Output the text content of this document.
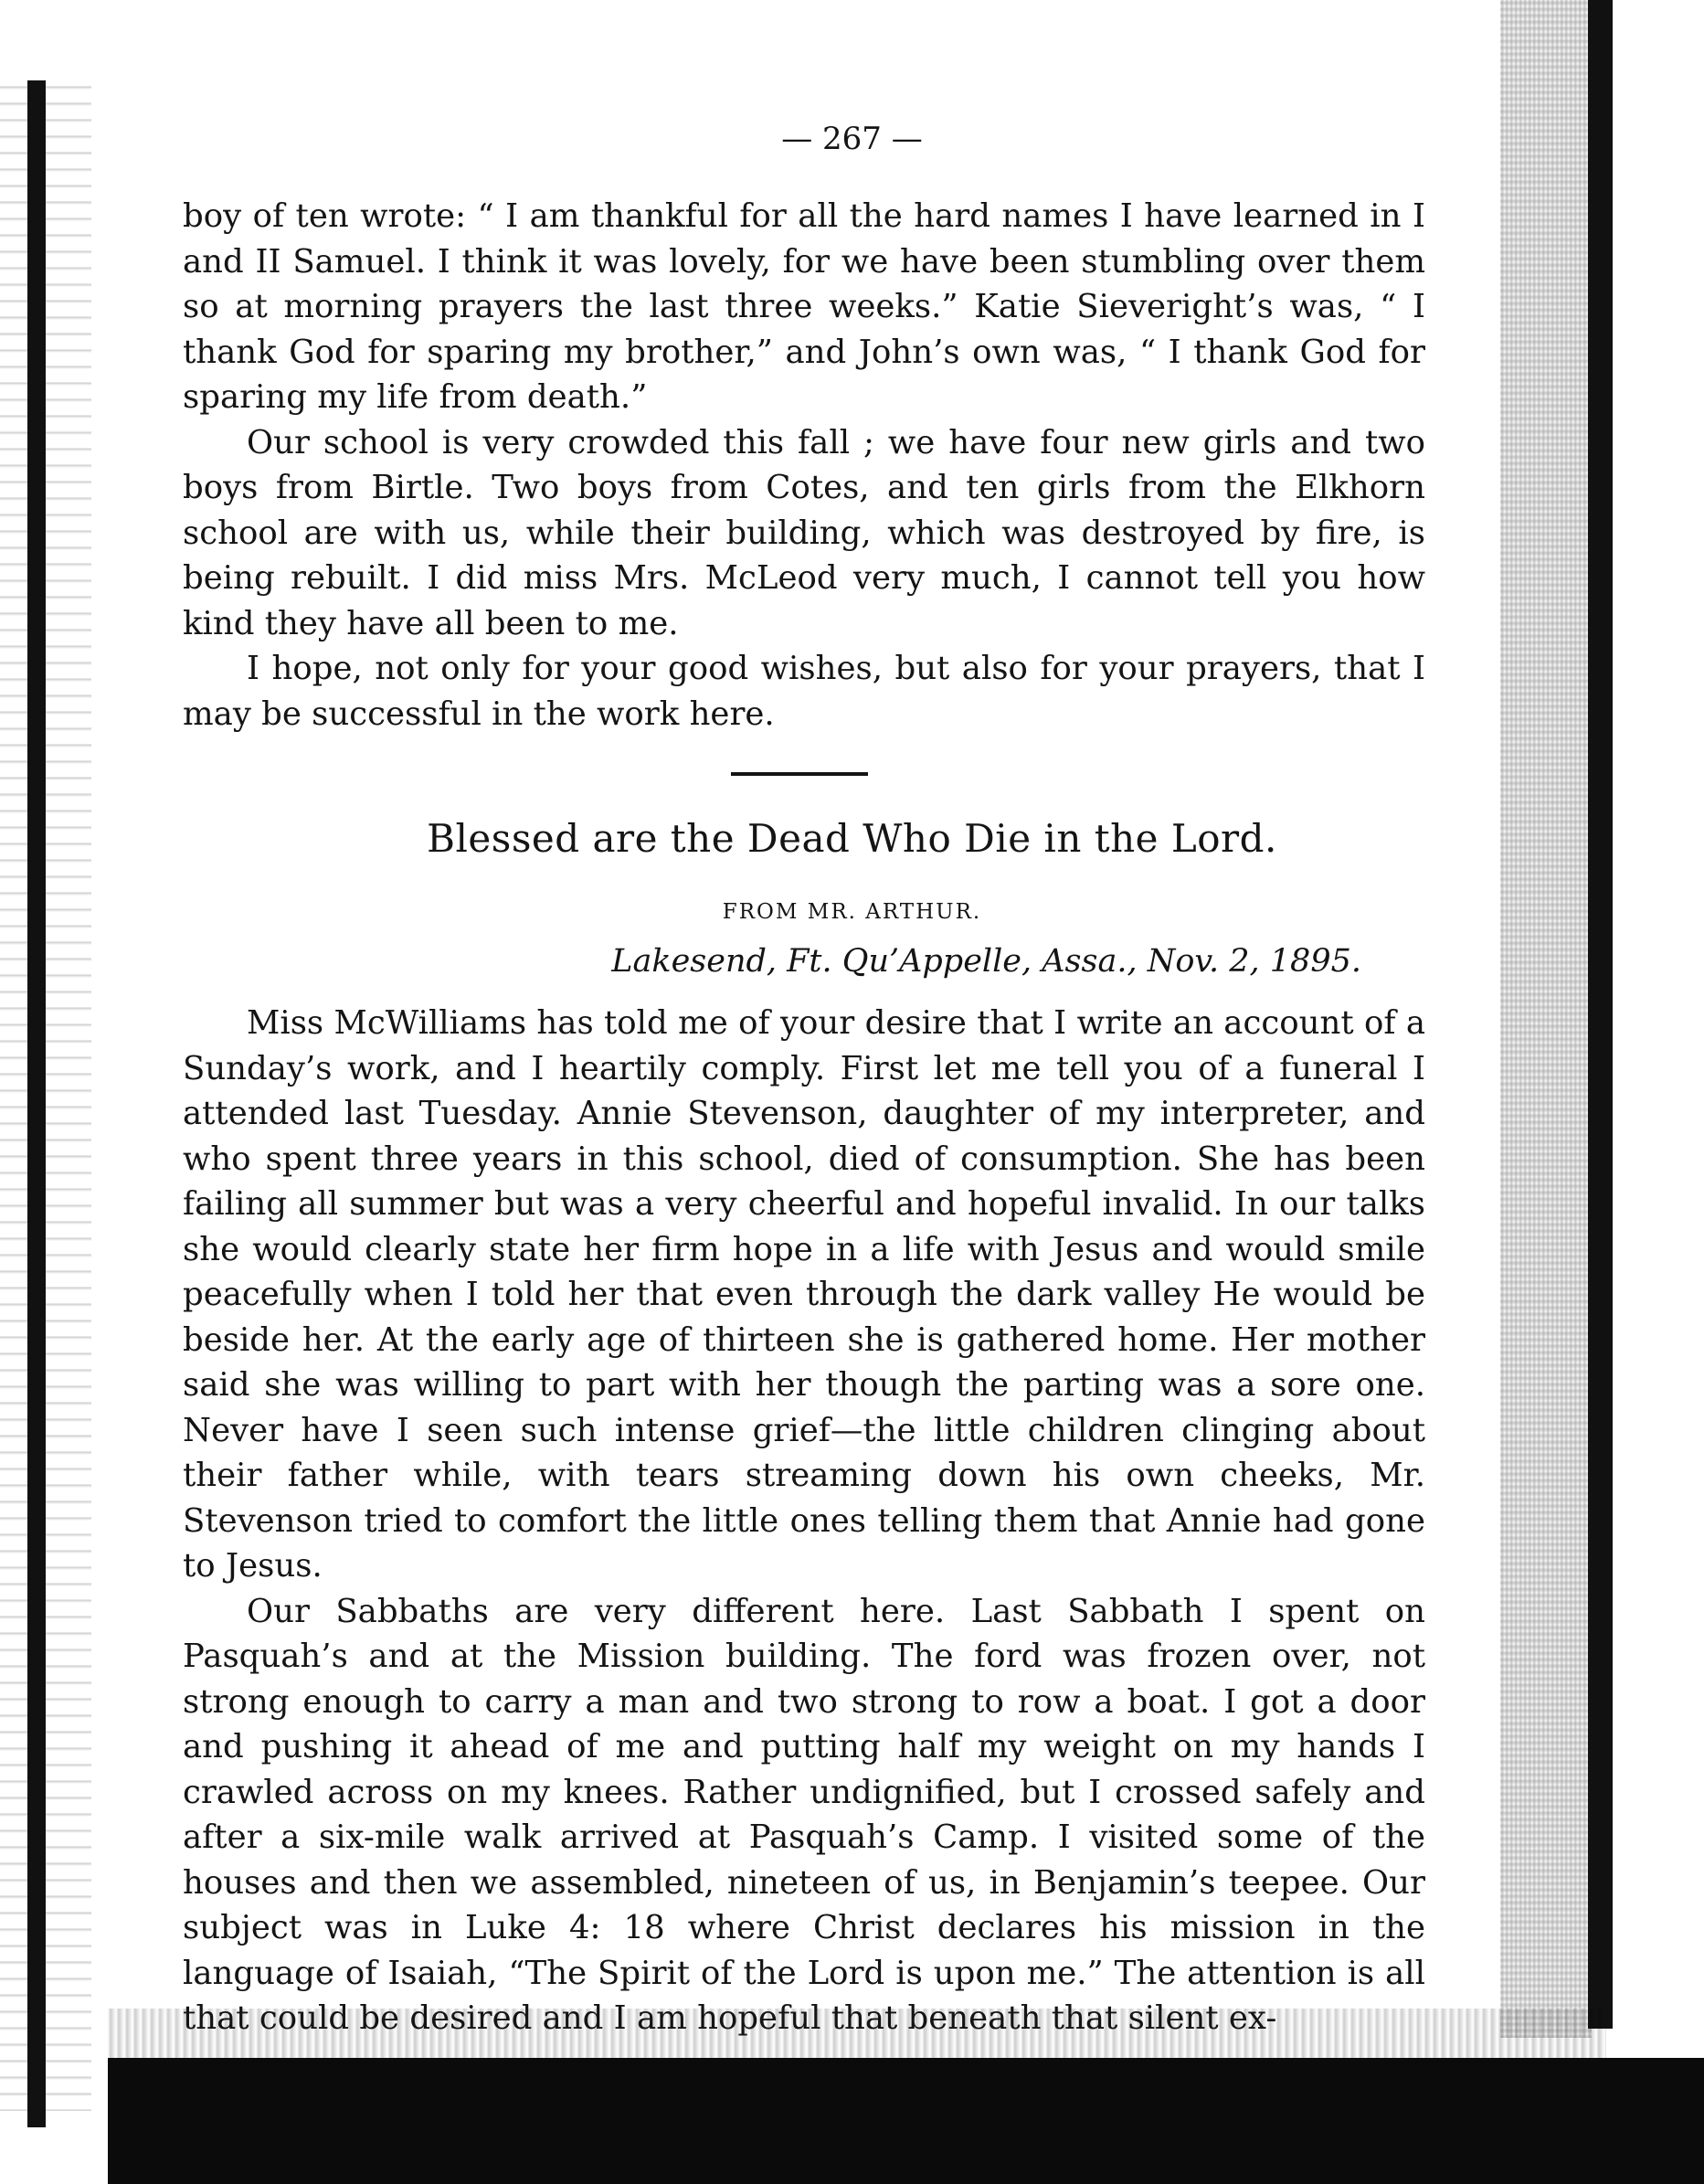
— 267 —

boy of ten wrote: “ I am thankful for all the hard names I have learned in I and II Samuel. I think it was lovely, for we have been stumbling over them so at morning prayers the last three weeks.” Katie Sieveright’s was, “ I thank God for sparing my brother,” and John’s own was, “ I thank God for sparing my life from death.”

Our school is very crowded this fall ; we have four new girls and two boys from Birtle. Two boys from Cotes, and ten girls from the Elkhorn school are with us, while their building, which was destroyed by fire, is being rebuilt. I did miss Mrs. McLeod very much, I cannot tell you how kind they have all been to me.

I hope, not only for your good wishes, but also for your prayers, that I may be successful in the work here.

Blessed are the Dead Who Die in the Lord.
FROM MR. ARTHUR.
Lakesend, Ft. Qu’Appelle, Assa., Nov. 2, 1895.

Miss McWilliams has told me of your desire that I write an account of a Sunday’s work, and I heartily comply. First let me tell you of a funeral I attended last Tuesday. Annie Stevenson, daughter of my interpreter, and who spent three years in this school, died of consumption. She has been failing all summer but was a very cheerful and hopeful invalid. In our talks she would clearly state her firm hope in a life with Jesus and would smile peacefully when I told her that even through the dark valley He would be beside her. At the early age of thirteen she is gathered home. Her mother said she was willing to part with her though the parting was a sore one. Never have I seen such intense grief—the little children clinging about their father while, with tears streaming down his own cheeks, Mr. Stevenson tried to comfort the little ones telling them that Annie had gone to Jesus.

Our Sabbaths are very different here. Last Sabbath I spent on Pasquah’s and at the Mission building. The ford was frozen over, not strong enough to carry a man and two strong to row a boat. I got a door and pushing it ahead of me and putting half my weight on my hands I crawled across on my knees. Rather undignified, but I crossed safely and after a six-mile walk arrived at Pasquah’s Camp. I visited some of the houses and then we assembled, nineteen of us, in Benjamin’s teepee. Our subject was in Luke 4: 18 where Christ declares his mission in the language of Isaiah, “The Spirit of the Lord is upon me.” The attention is all that could be desired and I am hopeful that beneath that silent ex-
